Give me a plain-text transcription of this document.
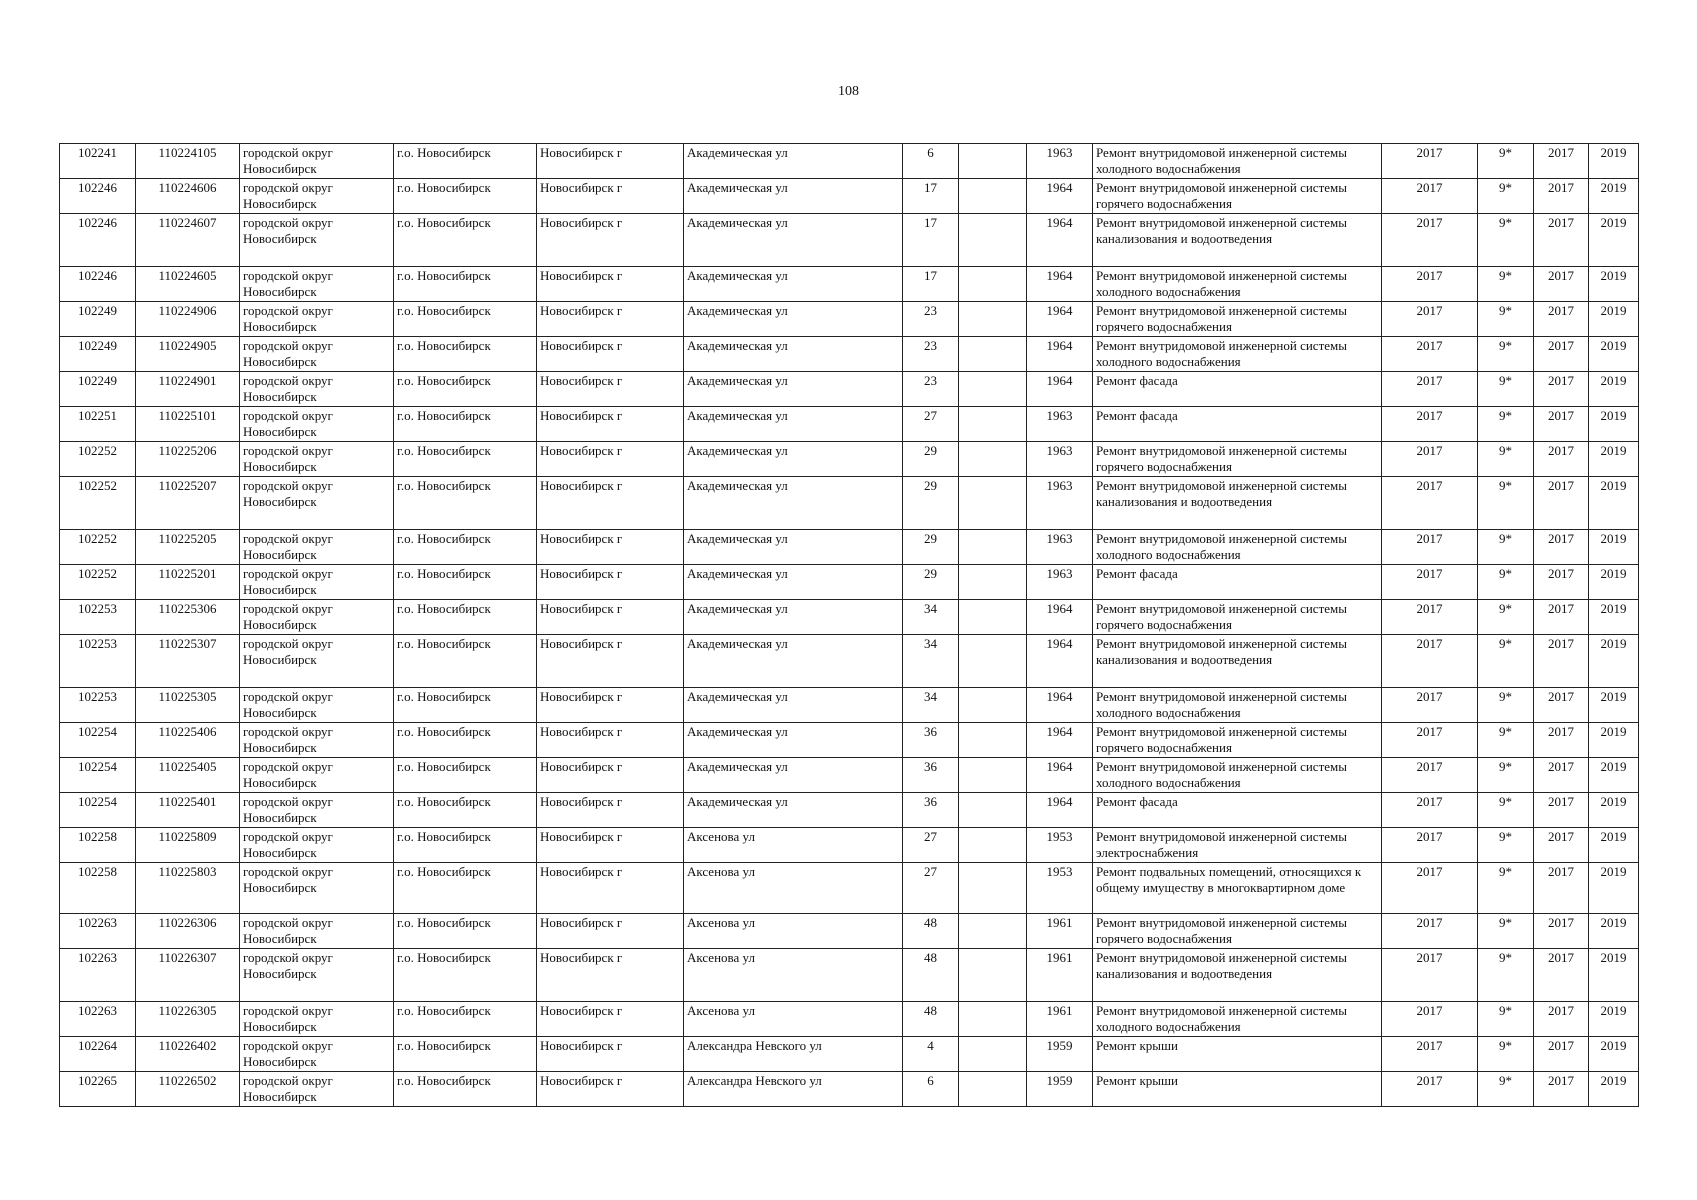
108
102241	110224105	городской округ Новосибирск	г.о. Новосибирск	Новосибирск г	Академическая ул	6		1963	Ремонт внутридомовой инженерной системы холодного водоснабжения	2017	9*	2017	2019
102246	110224606	городской округ Новосибирск	г.о. Новосибирск	Новосибирск г	Академическая ул	17		1964	Ремонт внутридомовой инженерной системы горячего водоснабжения	2017	9*	2017	2019
102246	110224607	городской округ Новосибирск	г.о. Новосибирск	Новосибирск г	Академическая ул	17		1964	Ремонт внутридомовой инженерной системы канализования и водоотведения	2017	9*	2017	2019
102246	110224605	городской округ Новосибирск	г.о. Новосибирск	Новосибирск г	Академическая ул	17		1964	Ремонт внутридомовой инженерной системы холодного водоснабжения	2017	9*	2017	2019
102249	110224906	городской округ Новосибирск	г.о. Новосибирск	Новосибирск г	Академическая ул	23		1964	Ремонт внутридомовой инженерной системы горячего водоснабжения	2017	9*	2017	2019
102249	110224905	городской округ Новосибирск	г.о. Новосибирск	Новосибирск г	Академическая ул	23		1964	Ремонт внутридомовой инженерной системы холодного водоснабжения	2017	9*	2017	2019
102249	110224901	городской округ Новосибирск	г.о. Новосибирск	Новосибирск г	Академическая ул	23		1964	Ремонт фасада	2017	9*	2017	2019
102251	110225101	городской округ Новосибирск	г.о. Новосибирск	Новосибирск г	Академическая ул	27		1963	Ремонт фасада	2017	9*	2017	2019
102252	110225206	городской округ Новосибирск	г.о. Новосибирск	Новосибирск г	Академическая ул	29		1963	Ремонт внутридомовой инженерной системы горячего водоснабжения	2017	9*	2017	2019
102252	110225207	городской округ Новосибирск	г.о. Новосибирск	Новосибирск г	Академическая ул	29		1963	Ремонт внутридомовой инженерной системы канализования и водоотведения	2017	9*	2017	2019
102252	110225205	городской округ Новосибирск	г.о. Новосибирск	Новосибирск г	Академическая ул	29		1963	Ремонт внутридомовой инженерной системы холодного водоснабжения	2017	9*	2017	2019
102252	110225201	городской округ Новосибирск	г.о. Новосибирск	Новосибирск г	Академическая ул	29		1963	Ремонт фасада	2017	9*	2017	2019
102253	110225306	городской округ Новосибирск	г.о. Новосибирск	Новосибирск г	Академическая ул	34		1964	Ремонт внутридомовой инженерной системы горячего водоснабжения	2017	9*	2017	2019
102253	110225307	городской округ Новосибирск	г.о. Новосибирск	Новосибирск г	Академическая ул	34		1964	Ремонт внутридомовой инженерной системы канализования и водоотведения	2017	9*	2017	2019
102253	110225305	городской округ Новосибирск	г.о. Новосибирск	Новосибирск г	Академическая ул	34		1964	Ремонт внутридомовой инженерной системы холодного водоснабжения	2017	9*	2017	2019
102254	110225406	городской округ Новосибирск	г.о. Новосибирск	Новосибирск г	Академическая ул	36		1964	Ремонт внутридомовой инженерной системы горячего водоснабжения	2017	9*	2017	2019
102254	110225405	городской округ Новосибирск	г.о. Новосибирск	Новосибирск г	Академическая ул	36		1964	Ремонт внутридомовой инженерной системы холодного водоснабжения	2017	9*	2017	2019
102254	110225401	городской округ Новосибирск	г.о. Новосибирск	Новосибирск г	Академическая ул	36		1964	Ремонт фасада	2017	9*	2017	2019
102258	110225809	городской округ Новосибирск	г.о. Новосибирск	Новосибирск г	Аксенова ул	27		1953	Ремонт внутридомовой инженерной системы электроснабжения	2017	9*	2017	2019
102258	110225803	городской округ Новосибирск	г.о. Новосибирск	Новосибирск г	Аксенова ул	27		1953	Ремонт подвальных помещений, относящихся к общему имуществу в многоквартирном доме	2017	9*	2017	2019
102263	110226306	городской округ Новосибирск	г.о. Новосибирск	Новосибирск г	Аксенова ул	48		1961	Ремонт внутридомовой инженерной системы горячего водоснабжения	2017	9*	2017	2019
102263	110226307	городской округ Новосибирск	г.о. Новосибирск	Новосибирск г	Аксенова ул	48		1961	Ремонт внутридомовой инженерной системы канализования и водоотведения	2017	9*	2017	2019
102263	110226305	городской округ Новосибирск	г.о. Новосибирск	Новосибирск г	Аксенова ул	48		1961	Ремонт внутридомовой инженерной системы холодного водоснабжения	2017	9*	2017	2019
102264	110226402	городской округ Новосибирск	г.о. Новосибирск	Новосибирск г	Александра Невского ул	4		1959	Ремонт крыши	2017	9*	2017	2019
102265	110226502	городской округ Новосибирск	г.о. Новосибирск	Новосибирск г	Александра Невского ул	6		1959	Ремонт крыши	2017	9*	2017	2019
